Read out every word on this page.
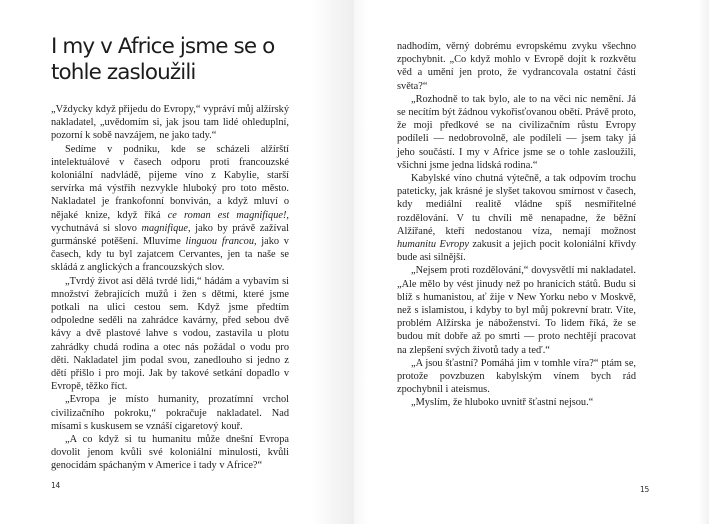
I my v Africe jsme se o tohle zasloužili

„Vždycky když přijedu do Evropy,“ vypráví můj alžírský nakladatel, „uvědomím si, jak jsou tam lidé ohleduplní, pozorní k sobě navzájem, ne jako tady.“

Sedíme v podniku, kde se scházeli alžírští intelektuálové v časech odporu proti francouzské koloniální nadvládě, pijeme víno z Kabylie, starší servírka má výstřih nezvykle hluboký pro toto město. Nakladatel je frankofonní bonviván, a když mluví o nějaké knize, když říká ce roman est magnifique!, vychutnává si slovo magnifique, jako by právě zažíval gurmánské potěšení. Mluvíme linguou francou, jako v časech, kdy tu byl zajatcem Cervantes, jen ta naše se skládá z anglických a francouzských slov.

„Tvrdý život asi dělá tvrdé lidi,“ hádám a vybavím si množství žebrajících mužů i žen s dětmi, které jsme potkali na ulici cestou sem. Když jsme předtím odpoledne seděli na zahrádce kavárny, před sebou dvě kávy a dvě plastové lahve s vodou, zastavila u plotu zahrádky chudá rodina a otec nás požádal o vodu pro děti. Nakladatel jim podal svou, zanedlouho si jedno z dětí přišlo i pro moji. Jak by takové setkání dopadlo v Evropě, těžko říct.

„Evropa je místo humanity, prozatímní vrchol civilizačního pokroku,“ pokračuje nakladatel. Nad mísami s kuskusem se vznáší cigaretový kouř.

„A co když si tu humanitu může dnešní Evropa dovolit jenom kvůli své koloniální minulosti, kvůli genocidám spáchaným v Americe i tady v Africe?“

14

nadhodím, věrný dobrému evropskému zvyku všechno zpochybnit. „Co když mohlo v Evropě dojít k rozkvětu věd a umění jen proto, že vydrancovala ostatní části světa?“

„Rozhodně to tak bylo, ale to na věci nic nemění. Já se necítím být žádnou vykořisťovanou obětí. Právě proto, že moji předkové se na civilizačním růstu Evropy podíleli — nedobrovolně, ale podíleli — jsem taky já jeho součástí. I my v Africe jsme se o tohle zasloužili, všichni jsme jedna lidská rodina.“

Kabylské víno chutná výtečně, a tak odpovím trochu pateticky, jak krásné je slyšet takovou smírnost v časech, kdy mediální realitě vládne spíš nesmiřitelné rozdělování. V tu chvíli mě nenapadne, že běžní Alžířané, kteří nedostanou víza, nemají možnost humanitu Evropy zakusit a jejich pocit koloniální křivdy bude asi silnější.

„Nejsem proti rozdělování,“ dovysvětlí mi nakladatel. „Ale mělo by vést jinudy než po hranicích států. Budu si blíž s humanistou, ať žije v New Yorku nebo v Moskvě, než s islamistou, i kdyby to byl můj pokrevní bratr. Víte, problém Alžírska je náboženství. To lidem říká, že se budou mít dobře až po smrti — proto nechtějí pracovat na zlepšení svých životů tady a teď.“

„A jsou šťastní? Pomáhá jim v tomhle víra?“ ptám se, protože povzbuzen kabylským vínem bych rád zpochybnil i ateismus.

„Myslím, že hluboko uvnitř šťastní nejsou.“

15
